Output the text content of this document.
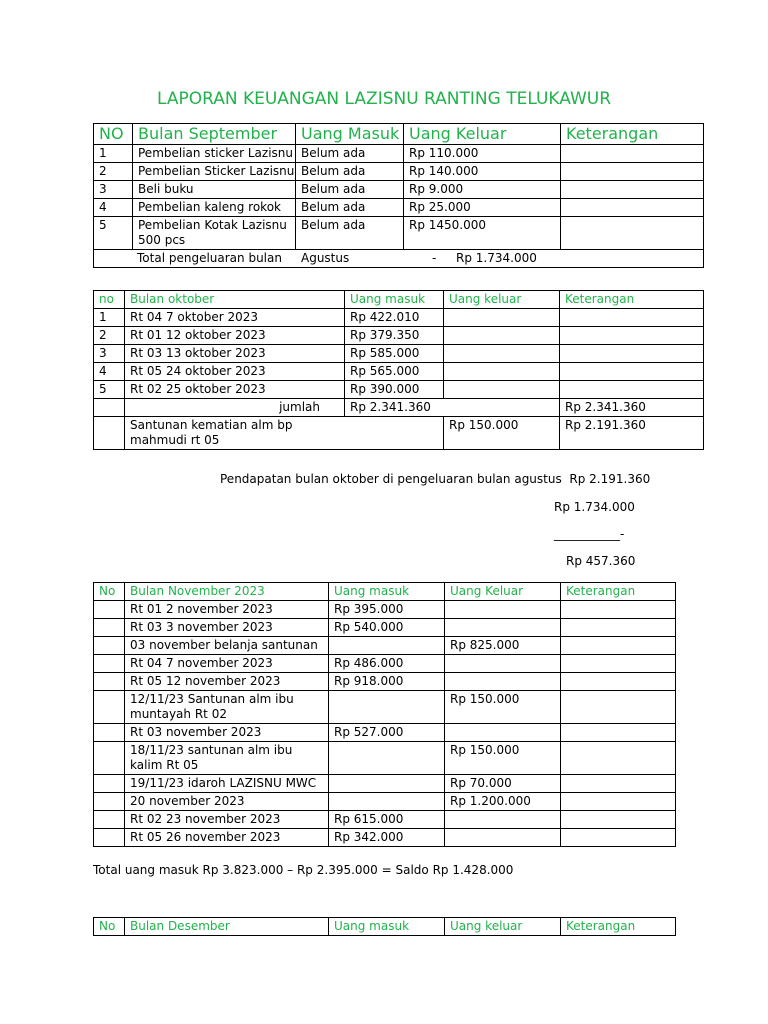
LAPORAN KEUANGAN LAZISNU RANTING TELUKAWUR
NO	Bulan September	Uang Masuk	Uang Keluar	Keterangan
1	Pembelian sticker Lazisnu	Belum ada	Rp 110.000	
2	Pembelian Sticker Lazisnu	Belum ada	Rp 140.000	
3	Beli buku	Belum ada	Rp 9.000	
4	Pembelian kaleng rokok	Belum ada	Rp 25.000	
5	Pembelian Kotak Lazisnu 500 pcs	Belum ada	Rp 1450.000	

Total pengeluaran bulan Agustus - Rp 1.734.000				
no	Bulan oktober	Uang masuk	Uang keluar	Keterangan
1	Rt 04 7 oktober 2023	Rp 422.010		
2	Rt 01 12 oktober 2023	Rp 379.350		
3	Rt 03 13 oktober 2023	Rp 585.000		
4	Rt 05 24 oktober 2023	Rp 565.000		
5	Rt 02 25 oktober 2023	Rp 390.000		
	jumlah	Rp 2.341.360		Rp 2.341.360
	Santunan kematian alm bp mahmudi rt 05		Rp 150.000	Rp 2.191.360
Pendapatan bulan oktober di pengeluaran bulan agustus Rp 2.191.360
Rp 1.734.000
___________-
Rp 457.360
No	Bulan November 2023	Uang masuk	Uang Keluar	Keterangan
	Rt 01 2 november 2023	Rp 395.000		
	Rt 03 3 november 2023	Rp 540.000		
	03 november belanja santunan		Rp 825.000	
	Rt 04 7 november 2023	Rp 486.000		
	Rt 05 12 november 2023	Rp 918.000		
	12/11/23 Santunan alm ibu muntayah Rt 02		Rp 150.000	
	Rt 03 november 2023	Rp 527.000		
	18/11/23 santunan alm ibu kalim Rt 05		Rp 150.000	
	19/11/23 idaroh LAZISNU MWC		Rp 70.000	
	20 november 2023		Rp 1.200.000	
	Rt 02 23 november 2023	Rp 615.000		
	Rt 05 26 november 2023	Rp 342.000		
Total uang masuk Rp 3.823.000 – Rp 2.395.000 = Saldo Rp 1.428.000
No	Bulan Desember	Uang masuk	Uang keluar	Keterangan
